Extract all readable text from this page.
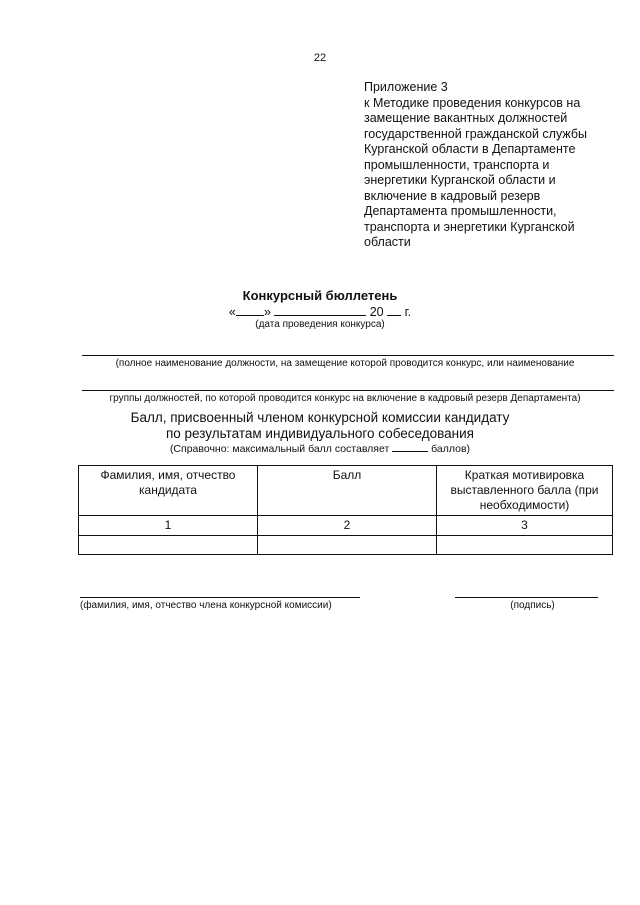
22
Приложение 3
к Методике проведения конкурсов на
замещение вакантных должностей
государственной гражданской службы
Курганской области в Департаменте
промышленности, транспорта и
энергетики Курганской области и
включение в кадровый резерв
Департамента промышленности,
транспорта и энергетики Курганской
области
Конкурсный бюллетень
« »	20 г.
(дата проведения конкурса)
(полное наименование должности, на замещение которой проводится конкурс, или наименование
группы должностей, по которой проводится конкурс на включение в кадровый резерв Департамента)
Балл, присвоенный членом конкурсной комиссии кандидату
по результатам индивидуального собеседования
(Справочно: максимальный балл составляет	баллов)
Фамилия, имя, отчество кандидата	Балл	Краткая мотивировка выставленного балла (при необходимости)
1	2	3

(фамилия, имя, отчество члена конкурсной комиссии)	(подпись)
